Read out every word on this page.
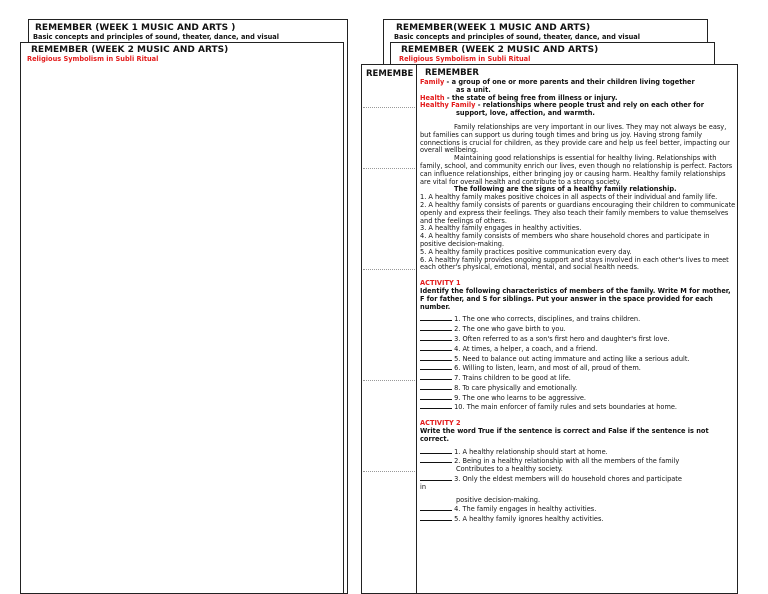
REMEMBER (WEEK 1 MUSIC AND ARTS )
Basic concepts and principles of sound, theater, dance, and visual
REMEMBER (WEEK 2 MUSIC AND ARTS)
Religious Symbolism in Subli Ritual
REMEMBER(WEEK 1 MUSIC AND ARTS)
Basic concepts and principles of sound, theater, dance, and visual
REMEMBER (WEEK 2 MUSIC AND ARTS)
Religious Symbolism in Subli Ritual
REMEMBE	REMEMBER

Family - a group of one or more parents and their children living together

as a unit.

Health - the state of being free from illness or injury.

Healthy Family - relationships where people trust and rely on each other for

support, love, affection, and warmth.

Family relationships are very important in our lives. They may not always be easy, but families can support us during tough times and bring us joy. Having strong family connections is crucial for children, as they provide care and help us feel better, impacting our overall wellbeing.

Maintaining good relationships is essential for healthy living. Relationships with family, school, and community enrich our lives, even though no relationship is perfect. Factors can influence relationships, either bringing joy or causing harm. Healthy family relationships are vital for overall health and contribute to a strong society.

The following are the signs of a healthy family relationship.

1. A healthy family makes positive choices in all aspects of their individual and family life.

2. A healthy family consists of parents or guardians encouraging their children to communicate openly and express their feelings. They also teach their family members to value themselves and the feelings of others.

3. A healthy family engages in healthy activities.

4. A healthy family consists of members who share household chores and participate in positive decision-making.

5. A healthy family practices positive communication every day.

6. A healthy family provides ongoing support and stays involved in each other's lives to meet each other's physical, emotional, mental, and social health needs.

ACTIVITY 1

Identify the following characteristics of members of the family. Write M for mother, F for father, and S for siblings. Put your answer in the space provided for each number.

1. The one who corrects, disciplines, and trains children.

2. The one who gave birth to you.

3. Often referred to as a son's first hero and daughter's first love.

4. At times, a helper, a coach, and a friend.

5. Need to balance out acting immature and acting like a serious adult.

6. Willing to listen, learn, and most of all, proud of them.

7. Trains children to be good at life.

8. To care physically and emotionally.

9. The one who learns to be aggressive.

10. The main enforcer of family rules and sets boundaries at home.

ACTIVITY 2

Write the word True if the sentence is correct and False if the sentence is not correct.

1. A healthy relationship should start at home.

2. Being in a healthy relationship with all the members of the family

Contributes to a healthy society.

3. Only the eldest members will do household chores and participate

in

positive decision-making.

4. The family engages in healthy activities.

5. A healthy family ignores healthy activities.
